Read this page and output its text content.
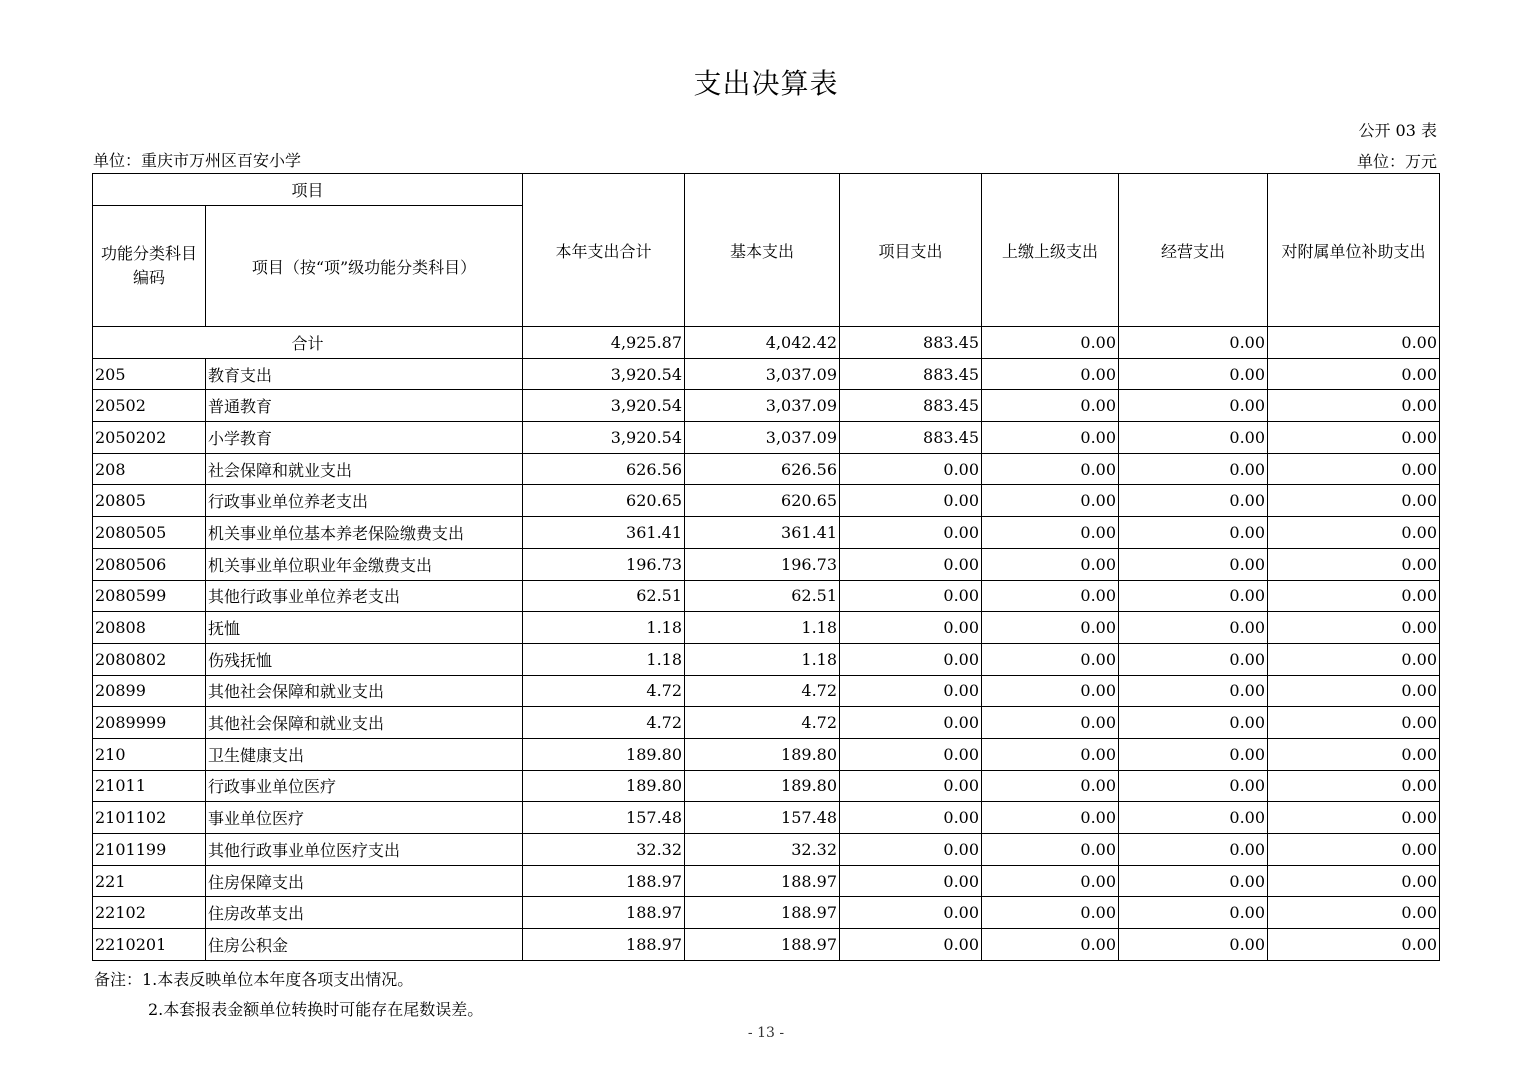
支出决算表
公开 03 表
单位：重庆市万州区百安小学	单位：万元
项目		本年支出合计	基本支出	项目支出	上缴上级支出	经营支出	对附属单位补助支出
功能分类科目编码	项目（按“项”级功能分类科目）						
合计		4,925.87	4,042.42	883.45	0.00	0.00	0.00
205	教育支出	3,920.54	3,037.09	883.45	0.00	0.00	0.00
20502	普通教育	3,920.54	3,037.09	883.45	0.00	0.00	0.00
2050202	小学教育	3,920.54	3,037.09	883.45	0.00	0.00	0.00
208	社会保障和就业支出	626.56	626.56	0.00	0.00	0.00	0.00
20805	行政事业单位养老支出	620.65	620.65	0.00	0.00	0.00	0.00
2080505	机关事业单位基本养老保险缴费支出	361.41	361.41	0.00	0.00	0.00	0.00
2080506	机关事业单位职业年金缴费支出	196.73	196.73	0.00	0.00	0.00	0.00
2080599	其他行政事业单位养老支出	62.51	62.51	0.00	0.00	0.00	0.00
20808	抚恤	1.18	1.18	0.00	0.00	0.00	0.00
2080802	伤残抚恤	1.18	1.18	0.00	0.00	0.00	0.00
20899	其他社会保障和就业支出	4.72	4.72	0.00	0.00	0.00	0.00
2089999	其他社会保障和就业支出	4.72	4.72	0.00	0.00	0.00	0.00
210	卫生健康支出	189.80	189.80	0.00	0.00	0.00	0.00
21011	行政事业单位医疗	189.80	189.80	0.00	0.00	0.00	0.00
2101102	事业单位医疗	157.48	157.48	0.00	0.00	0.00	0.00
2101199	其他行政事业单位医疗支出	32.32	32.32	0.00	0.00	0.00	0.00
221	住房保障支出	188.97	188.97	0.00	0.00	0.00	0.00
22102	住房改革支出	188.97	188.97	0.00	0.00	0.00	0.00
2210201	住房公积金	188.97	188.97	0.00	0.00	0.00	0.00
备注：1.本表反映单位本年度各项支出情况。
2.本套报表金额单位转换时可能存在尾数误差。
- 13 -
